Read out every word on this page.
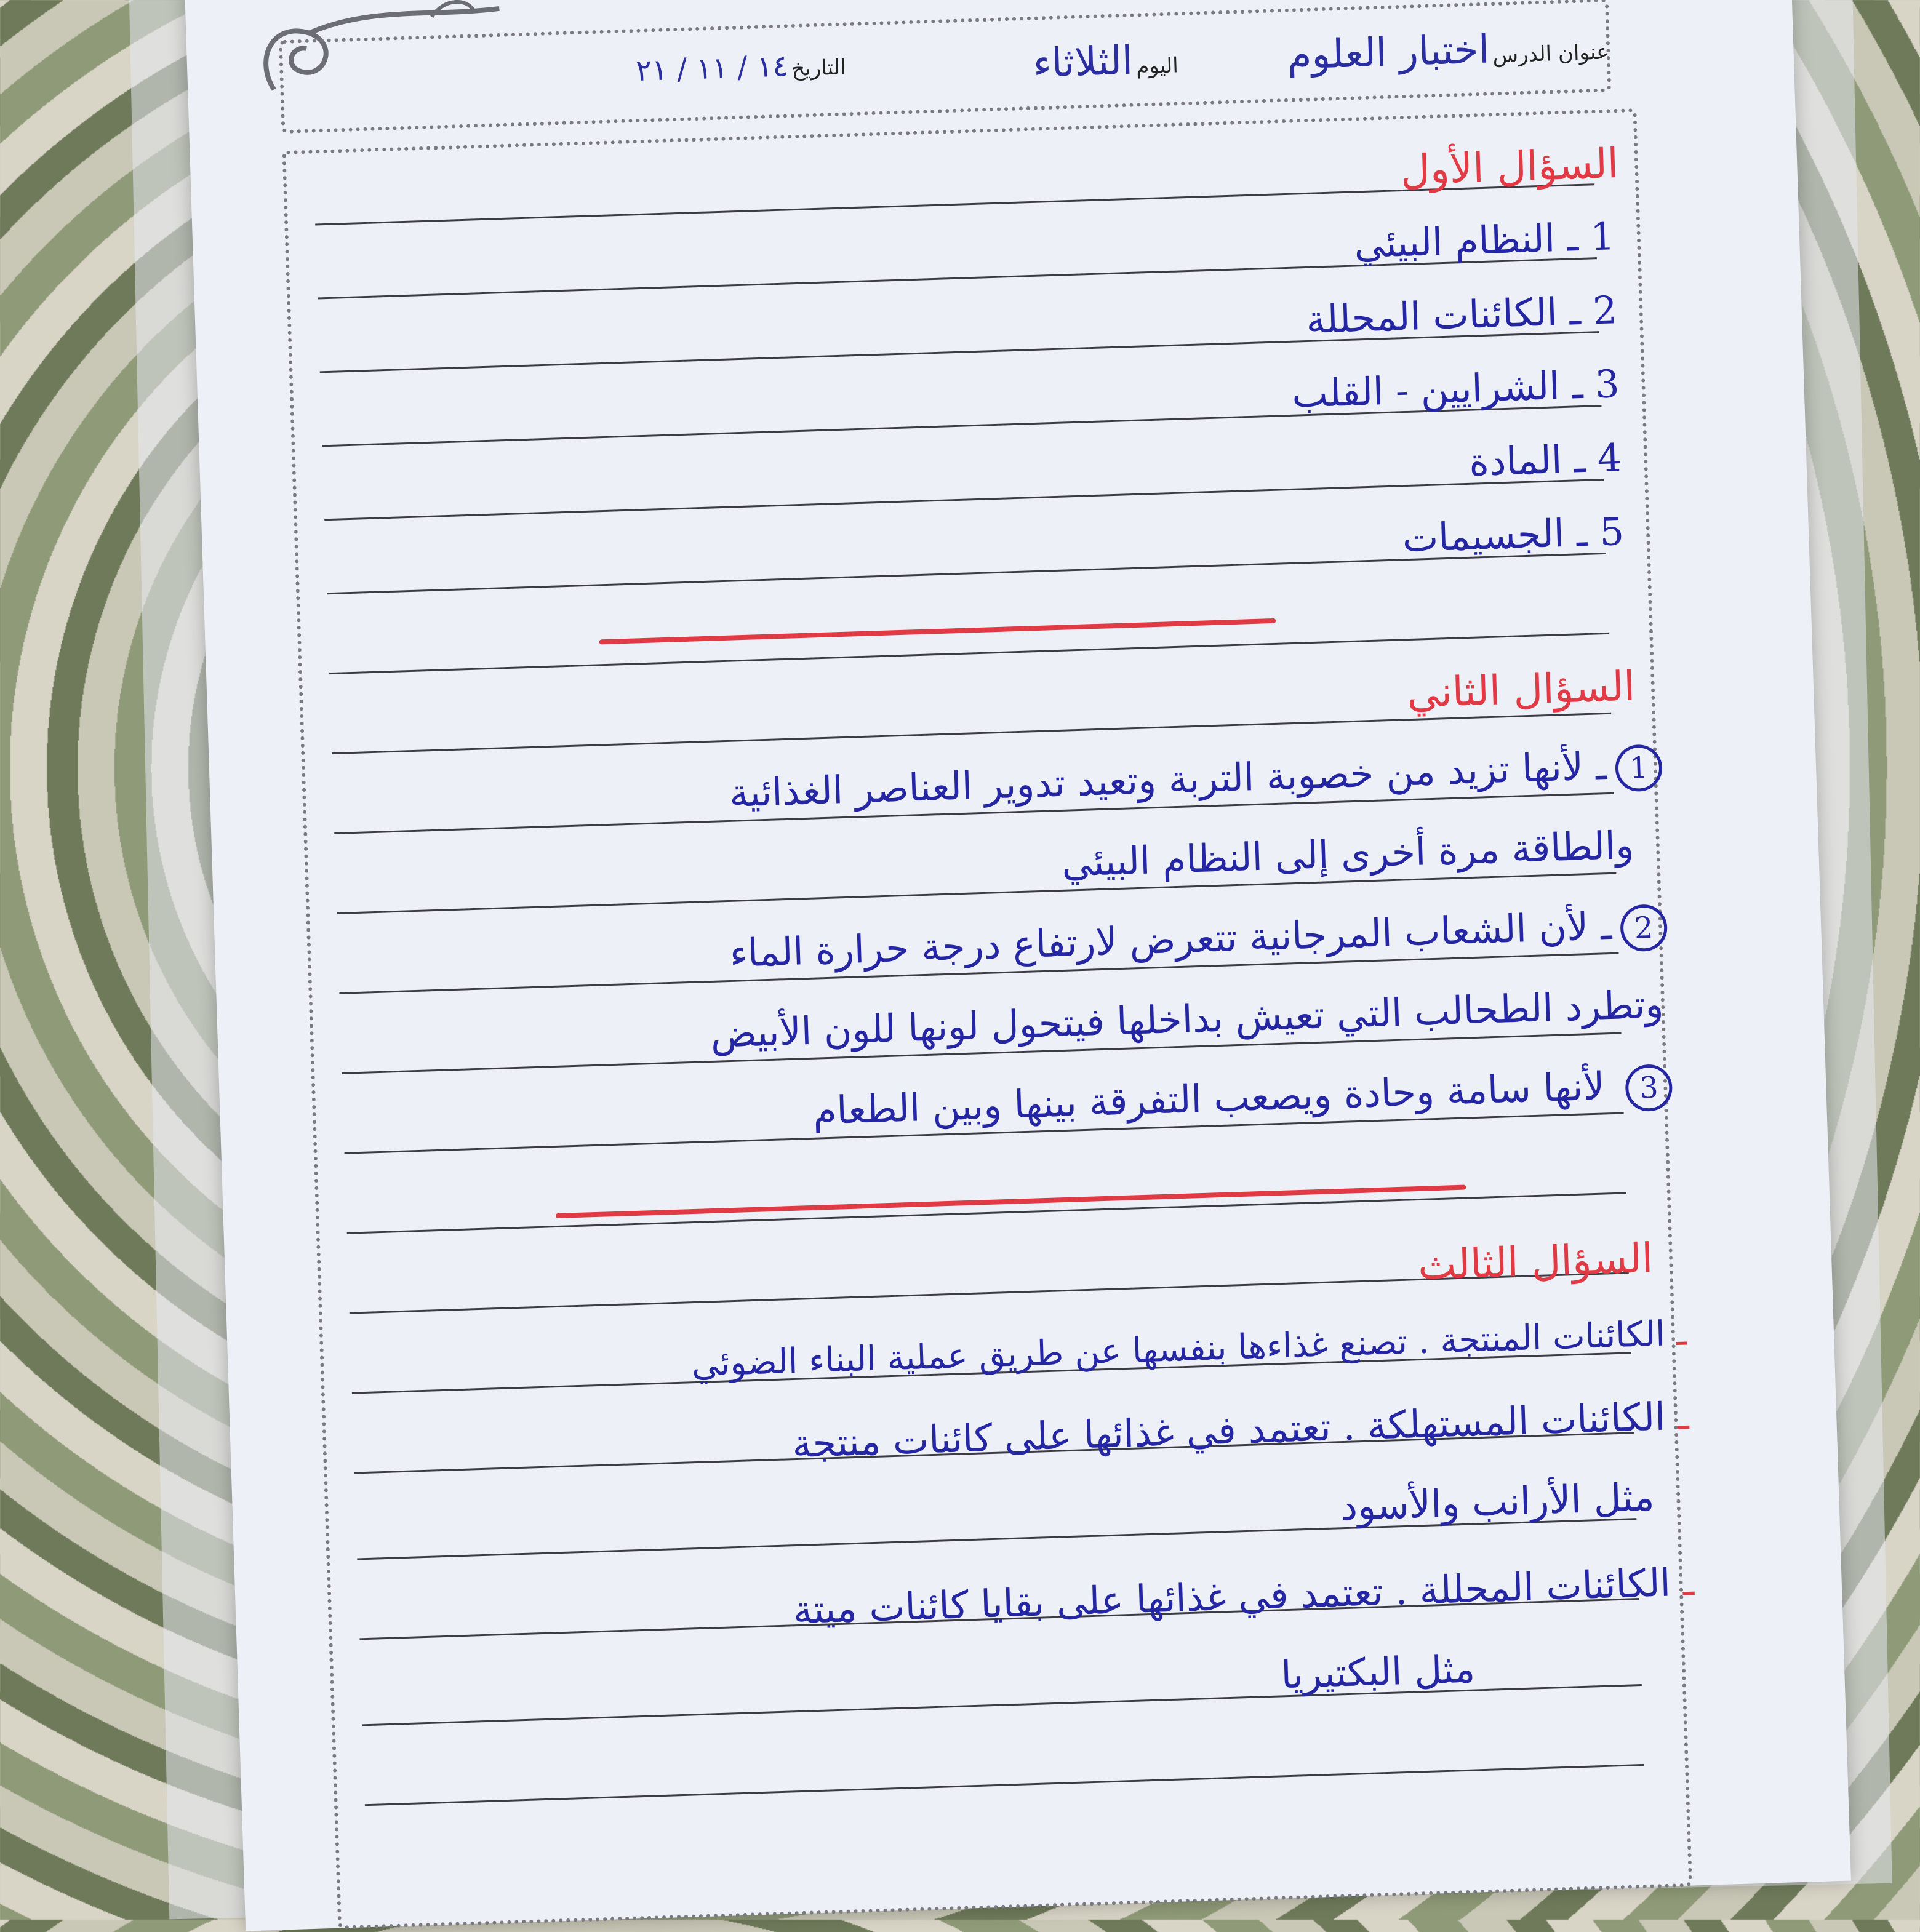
عنوان الدرس اختبار العلوم
اليوم الثلاثاء
التاريخ ١٤ / ١١ / ٢١
السؤال الأول
1 ـ النظام البيئي
2 ـ الكائنات المحللة
3 ـ الشرايين - القلب
4 ـ المادة
5 ـ الجسيمات
السؤال الثاني
1ـ لأنها تزيد من خصوبة التربة وتعيد تدوير العناصر الغذائية
والطاقة مرة أخرى إلى النظام البيئي
2ـ لأن الشعاب المرجانية تتعرض لارتفاع درجة حرارة الماء
وتطرد الطحالب التي تعيش بداخلها فيتحول لونها للون الأبيض
3 لأنها سامة وحادة ويصعب التفرقة بينها وبين الطعام
السؤال الثالث
ـ الكائنات المنتجة . تصنع غذاءها بنفسها عن طريق عملية البناء الضوئي
ـ الكائنات المستهلكة . تعتمد في غذائها على كائنات منتجة
مثل الأرانب والأسود
ـ الكائنات المحللة . تعتمد في غذائها على بقايا كائنات ميتة
مثل البكتيريا
